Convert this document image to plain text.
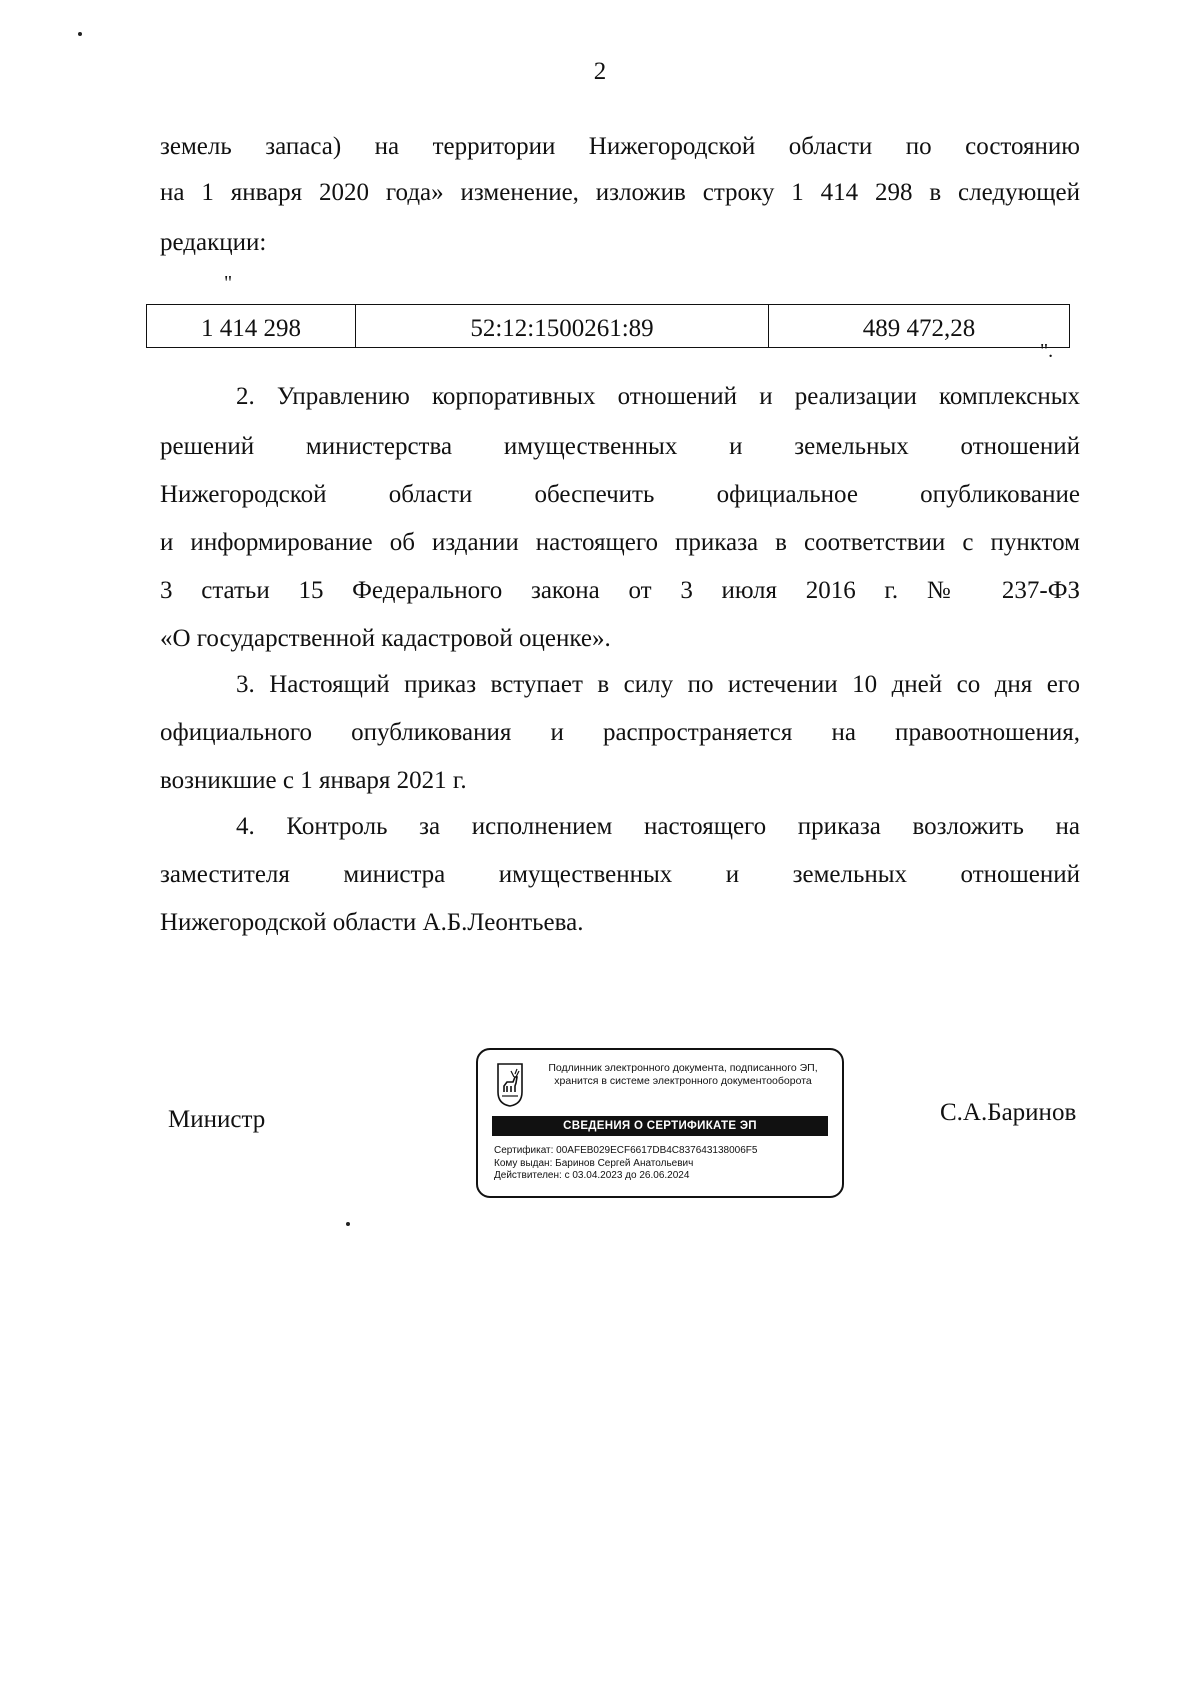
2
земель запаса) на территории Нижегородской области по состоянию
на 1 января 2020 года» изменение, изложив строку 1 414 298 в следующей
редакции:
"
1 414 298	52:12:1500261:89	489 472,28
".
2. Управлению корпоративных отношений и реализации комплексных
решений министерства имущественных и земельных отношений
Нижегородской области обеспечить официальное опубликование
и информирование об издании настоящего приказа в соответствии с пунктом
3 статьи 15 Федерального закона от 3 июля 2016 г. № 237-ФЗ
«О государственной кадастровой оценке».
3. Настоящий приказ вступает в силу по истечении 10 дней со дня его
официального опубликования и распространяется на правоотношения,
возникшие с 1 января 2021 г.
4. Контроль за исполнением настоящего приказа возложить на
заместителя министра имущественных и земельных отношений
Нижегородской области А.Б.Леонтьева.
Министр	С.А.Баринов
Подлинник электронного документа, подписанного ЭП,
хранится в системе электронного документооборота
СВЕДЕНИЯ О СЕРТИФИКАТЕ ЭП
Сертификат: 00AFEB029ECF6617DB4C837643138006F5
Кому выдан: Баринов Сергей Анатольевич
Действителен: с 03.04.2023 до 26.06.2024
